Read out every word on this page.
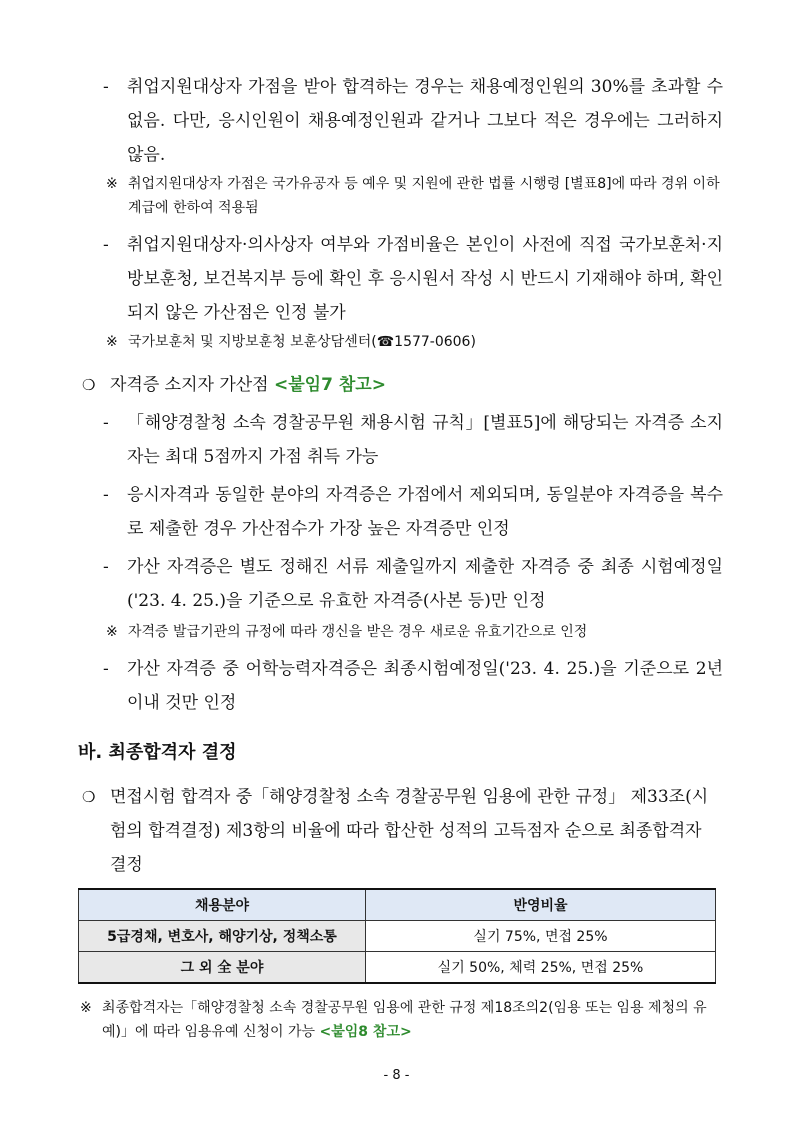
-	취업지원대상자 가점을 받아 합격하는 경우는 채용예정인원의 30%를 초과할 수 없음. 다만, 응시인원이 채용예정인원과 같거나 그보다 적은 경우에는 그러하지 않음.
※ 취업지원대상자 가점은 국가유공자 등 예우 및 지원에 관한 법률 시행령 [별표8]에 따라 경위 이하 계급에 한하여 적용됨
-	취업지원대상자·의사상자 여부와 가점비율은 본인이 사전에 직접 국가보훈처·지방보훈청, 보건복지부 등에 확인 후 응시원서 작성 시 반드시 기재해야 하며, 확인되지 않은 가산점은 인정 불가
※ 국가보훈처 및 지방보훈청 보훈상담센터(☎1577-0606)
❍ 자격증 소지자 가산점 <붙임7 참고>
-	「해양경찰청 소속 경찰공무원 채용시험 규칙」[별표5]에 해당되는 자격증 소지자는 최대 5점까지 가점 취득 가능
-	응시자격과 동일한 분야의 자격증은 가점에서 제외되며, 동일분야 자격증을 복수로 제출한 경우 가산점수가 가장 높은 자격증만 인정
-	가산 자격증은 별도 정해진 서류 제출일까지 제출한 자격증 중 최종 시험예정일('23. 4. 25.)을 기준으로 유효한 자격증(사본 등)만 인정
※ 자격증 발급기관의 규정에 따라 갱신을 받은 경우 새로운 유효기간으로 인정
-	가산 자격증 중 어학능력자격증은 최종시험예정일('23. 4. 25.)을 기준으로 2년 이내 것만 인정
바. 최종합격자 결정
❍ 면접시험 합격자 중「해양경찰청 소속 경찰공무원 임용에 관한 규정」 제33조(시험의 합격결정) 제3항의 비율에 따라 합산한 성적의 고득점자 순으로 최종합격자 결정
채용분야	반영비율
5급경채, 변호사, 해양기상, 정책소통	실기 75%, 면접 25%
그 외 全 분야	실기 50%, 체력 25%, 면접 25%
※ 최종합격자는「해양경찰청 소속 경찰공무원 임용에 관한 규정 제18조의2(임용 또는 임용 제청의 유예)」에 따라 임용유예 신청이 가능 <붙임8 참고>
- 8 -
